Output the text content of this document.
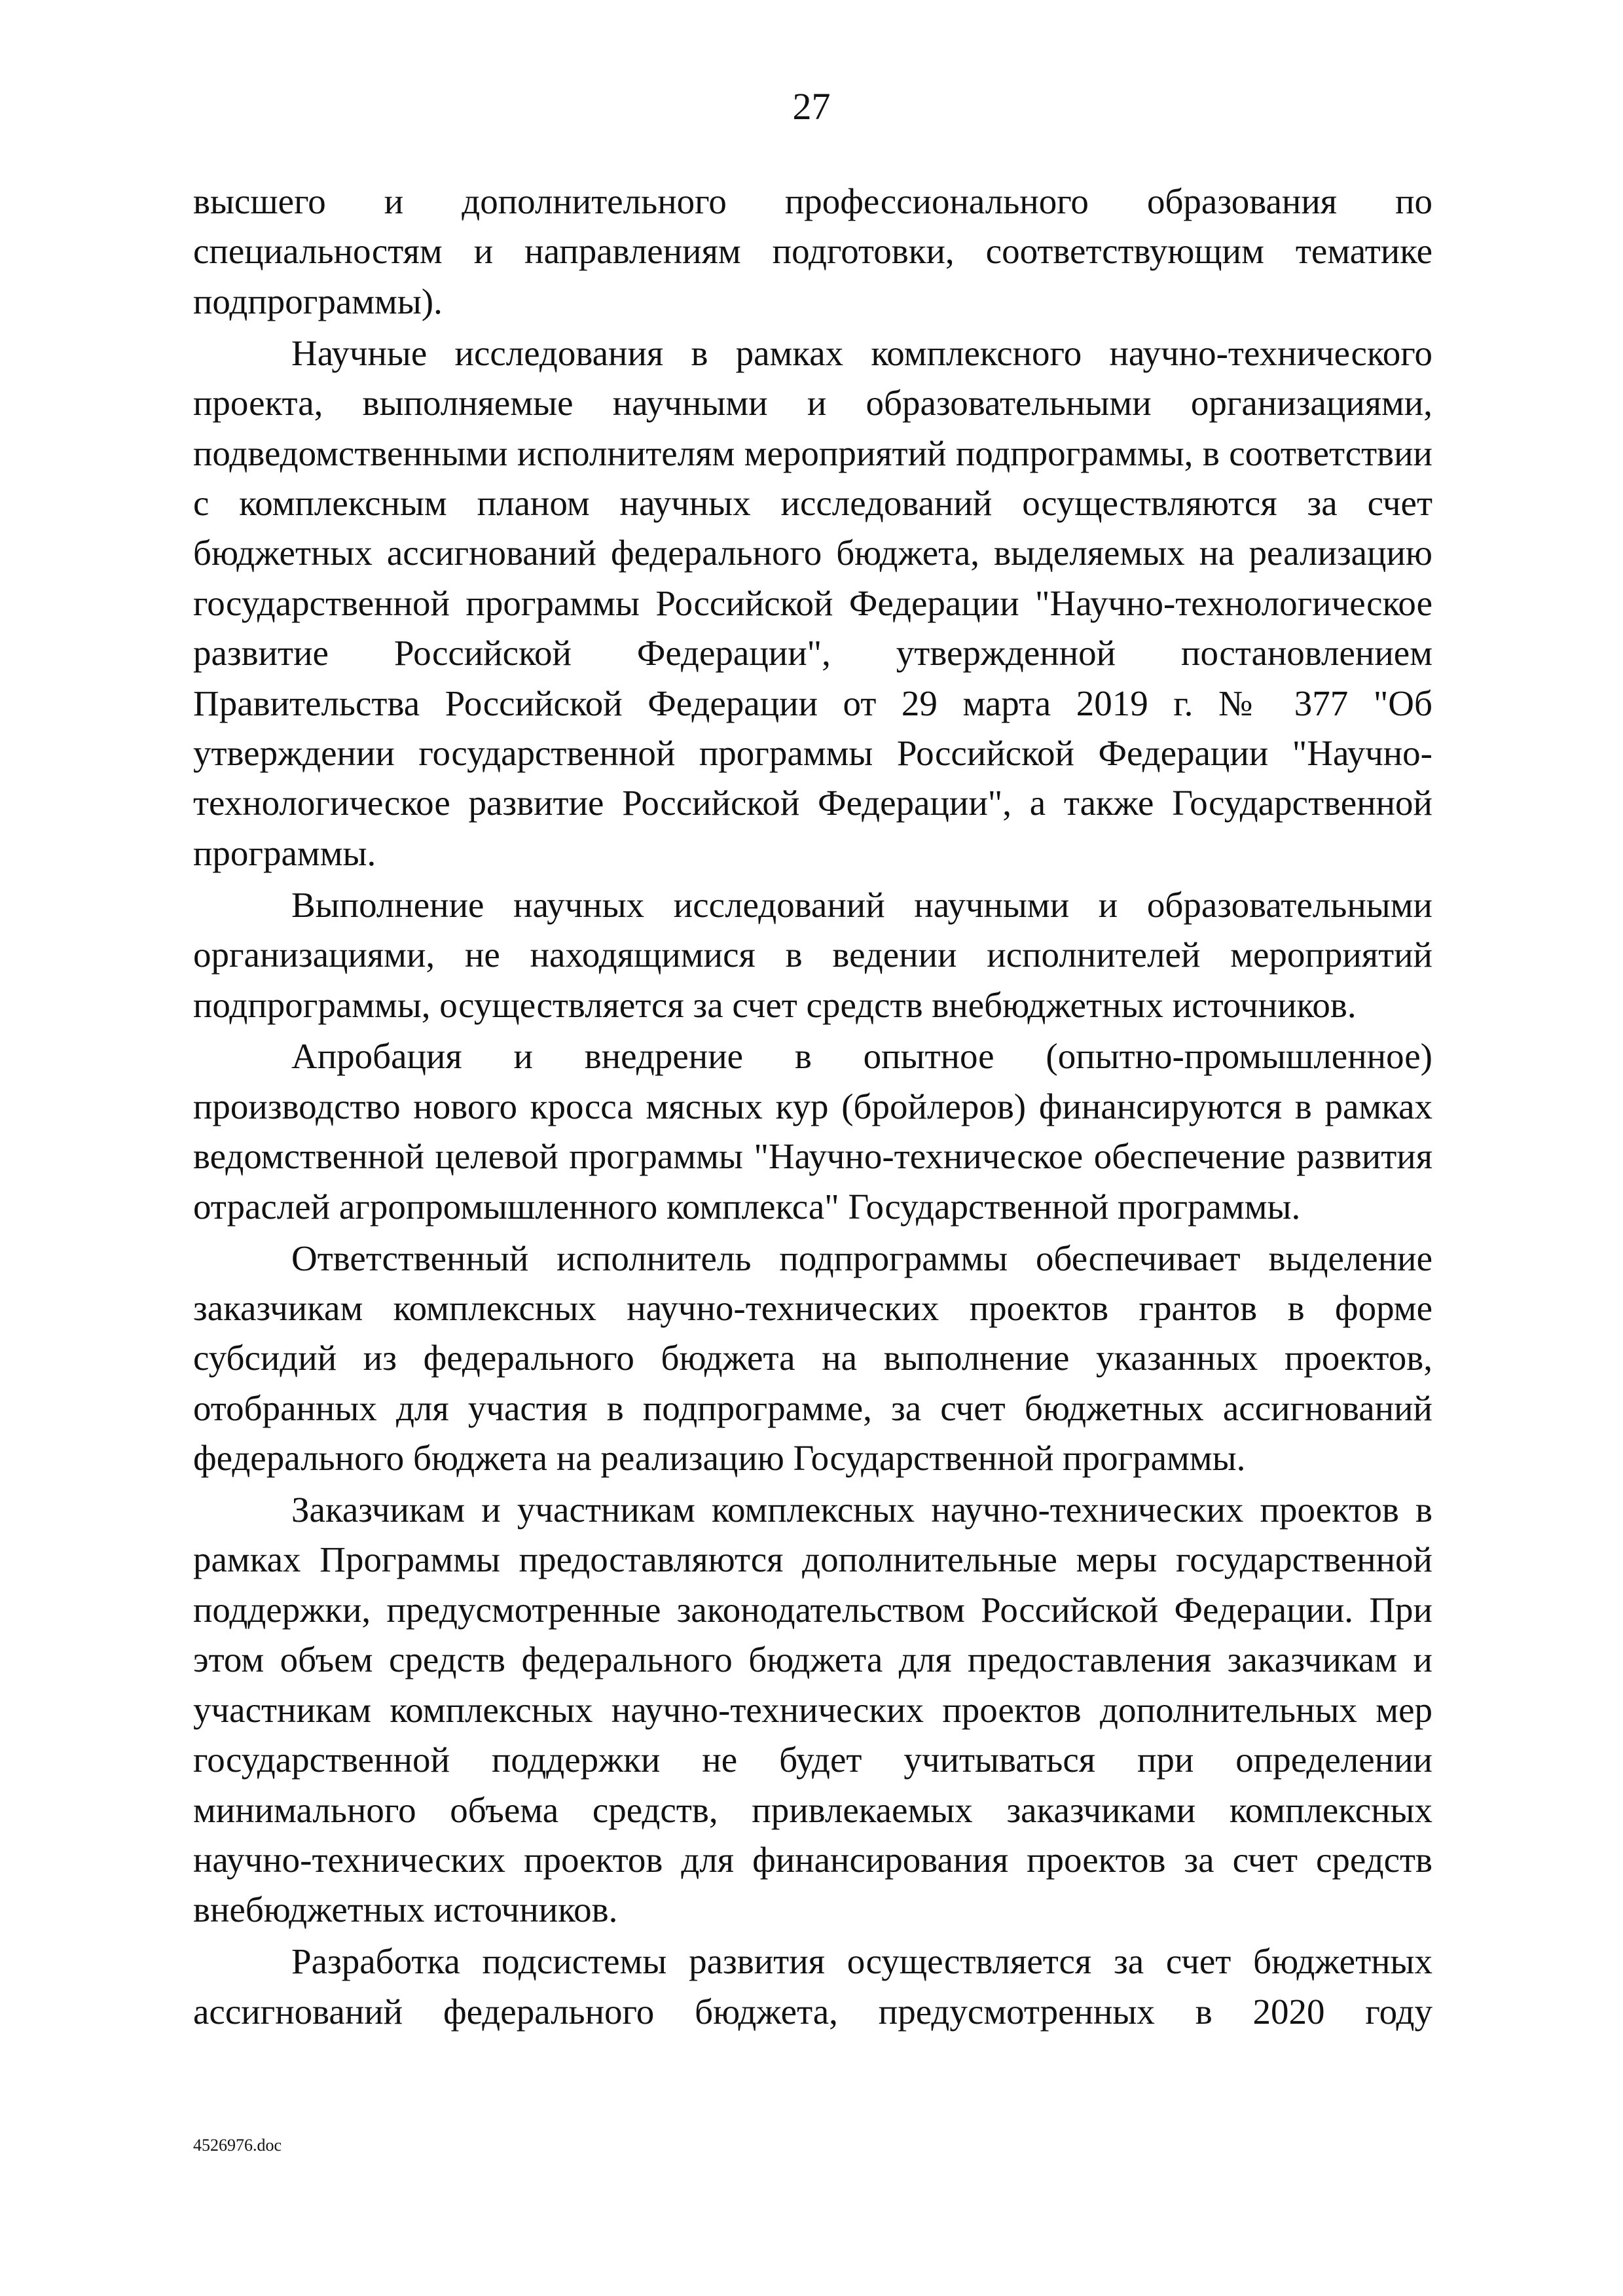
27

высшего и дополнительного профессионального образования по специальностям и направлениям подготовки, соответствующим тематике подпрограммы).

Научные исследования в рамках комплексного научно-технического проекта, выполняемые научными и образовательными организациями, подведомственными исполнителям мероприятий подпрограммы, в соответствии с комплексным планом научных исследований осуществляются за счет бюджетных ассигнований федерального бюджета, выделяемых на реализацию государственной программы Российской Федерации "Научно-технологическое развитие Российской Федерации", утвержденной постановлением Правительства Российской Федерации от 29 марта 2019 г. № 377 "Об утверждении государственной программы Российской Федерации "Научно-технологическое развитие Российской Федерации", а также Государственной программы.

Выполнение научных исследований научными и образовательными организациями, не находящимися в ведении исполнителей мероприятий подпрограммы, осуществляется за счет средств внебюджетных источников.

Апробация и внедрение в опытное (опытно-промышленное) производство нового кросса мясных кур (бройлеров) финансируются в рамках ведомственной целевой программы "Научно-техническое обеспечение развития отраслей агропромышленного комплекса" Государственной программы.

Ответственный исполнитель подпрограммы обеспечивает выделение заказчикам комплексных научно-технических проектов грантов в форме субсидий из федерального бюджета на выполнение указанных проектов, отобранных для участия в подпрограмме, за счет бюджетных ассигнований федерального бюджета на реализацию Государственной программы.

Заказчикам и участникам комплексных научно-технических проектов в рамках Программы предоставляются дополнительные меры государственной поддержки, предусмотренные законодательством Российской Федерации. При этом объем средств федерального бюджета для предоставления заказчикам и участникам комплексных научно-технических проектов дополнительных мер государственной поддержки не будет учитываться при определении минимального объема средств, привлекаемых заказчиками комплексных научно-технических проектов для финансирования проектов за счет средств внебюджетных источников.

Разработка подсистемы развития осуществляется за счет бюджетных ассигнований федерального бюджета, предусмотренных в 2020 году

4526976.doc
